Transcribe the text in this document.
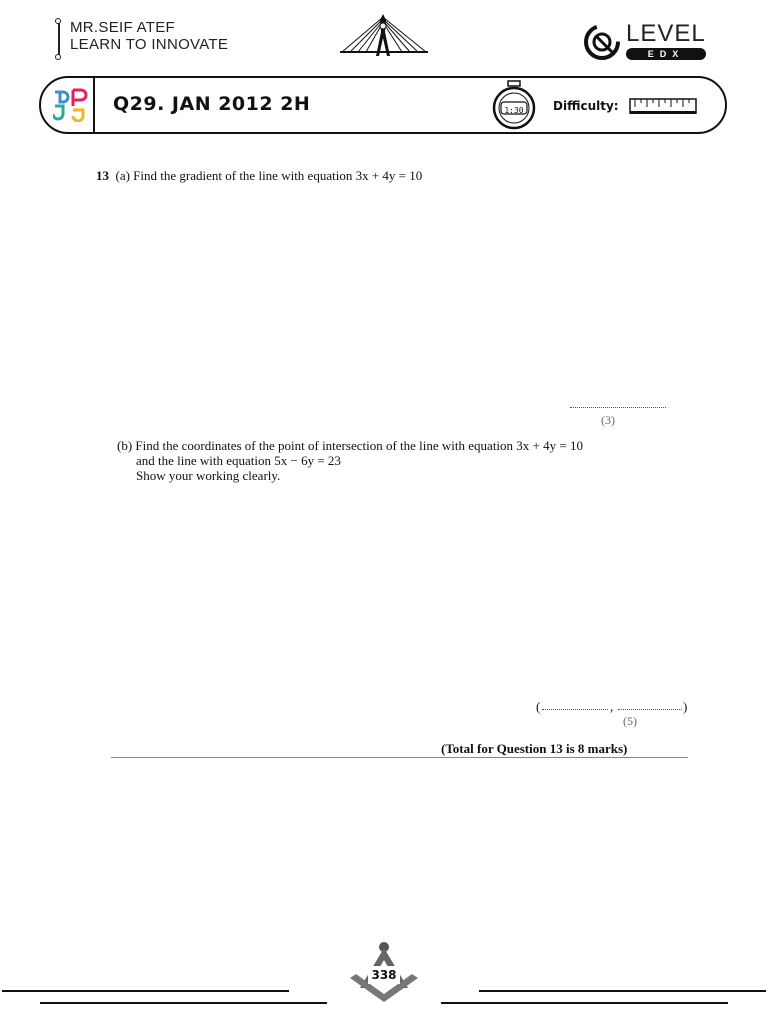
MR.SEIF ATEF
LEARN TO INNOVATE	LEVEL
EDX
Q29. JAN 2012 2H	1:30 Difficulty:
13 (a) Find the gradient of the line with equation 3x + 4y = 10
(3)
(b) Find the coordinates of the point of intersection of the line with equation 3x + 4y = 10
and the line with equation 5x − 6y = 23
Show your working clearly.
(	,	)
(5)
(Total for Question 13 is 8 marks)
338
